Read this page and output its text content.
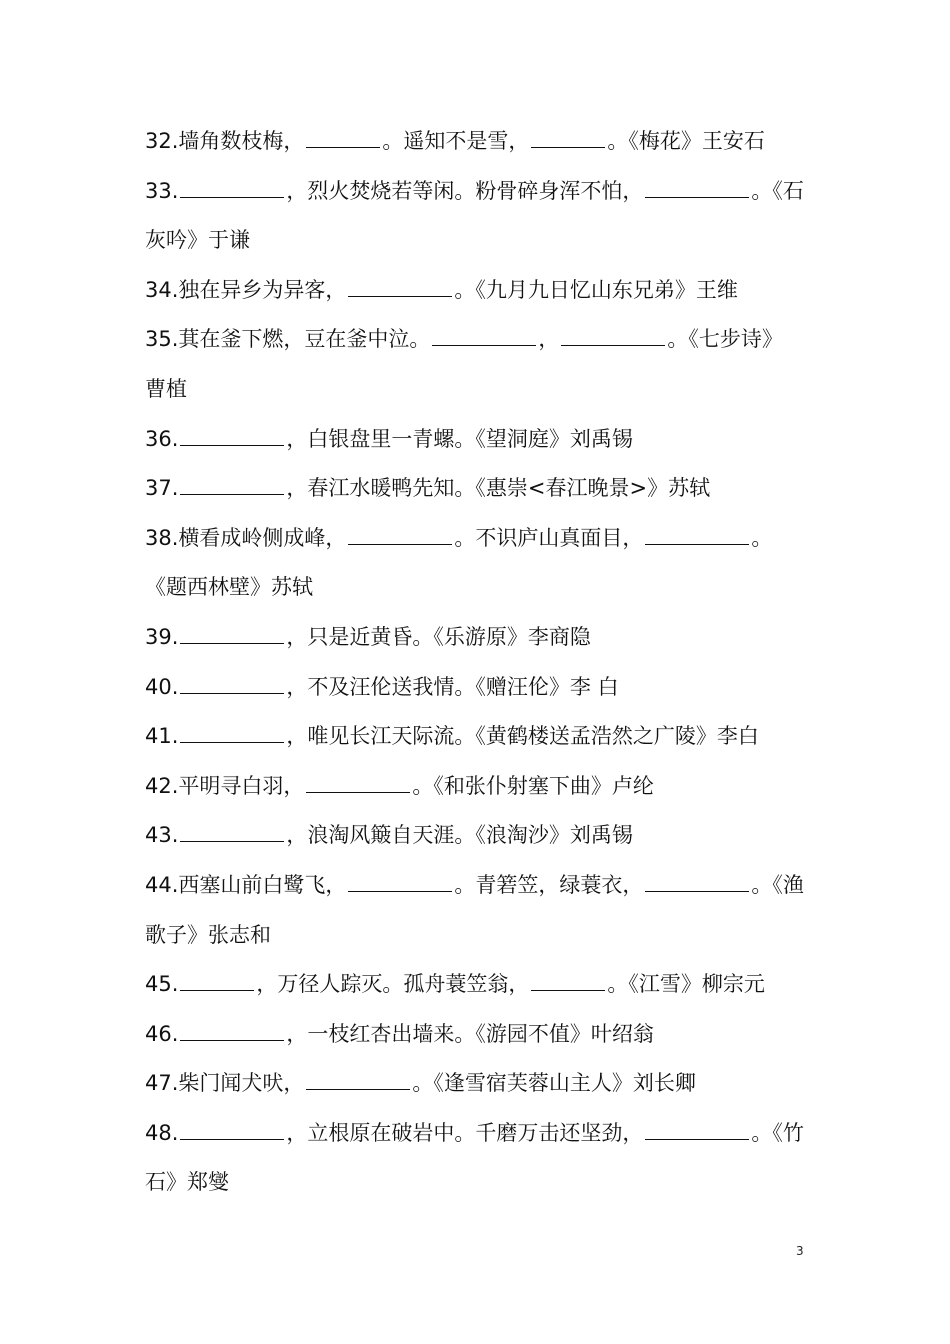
32.墙角数枝梅，	。遥知不是雪，	。《梅花》王安石
33.	，烈火焚烧若等闲。粉骨碎身浑不怕，	。《石
灰吟》于谦
34.独在异乡为异客，	。《九月九日忆山东兄弟》王维
35.萁在釜下燃，豆在釜中泣。	，	。《七步诗》
曹植
36.	，白银盘里一青螺。《望洞庭》刘禹锡
37.	，春江水暖鸭先知。《惠崇<春江晚景>》苏轼
38.横看成岭侧成峰，	。不识庐山真面目，	。
《题西林壁》苏轼
39.	，只是近黄昏。《乐游原》李商隐
40.	，不及汪伦送我情。《赠汪伦》李 白
41.	，唯见长江天际流。《黄鹤楼送孟浩然之广陵》李白
42.平明寻白羽，	。《和张仆射塞下曲》卢纶
43.	，浪淘风簸自天涯。《浪淘沙》刘禹锡
44.西塞山前白鹭飞，	。青箬笠，绿蓑衣，	。《渔
歌子》张志和
45.	，万径人踪灭。孤舟蓑笠翁，	。《江雪》柳宗元
46.	，一枝红杏出墙来。《游园不值》叶绍翁
47.柴门闻犬吠，	。《逢雪宿芙蓉山主人》刘长卿
48.	，立根原在破岩中。千磨万击还坚劲，	。《竹
石》郑燮
3
